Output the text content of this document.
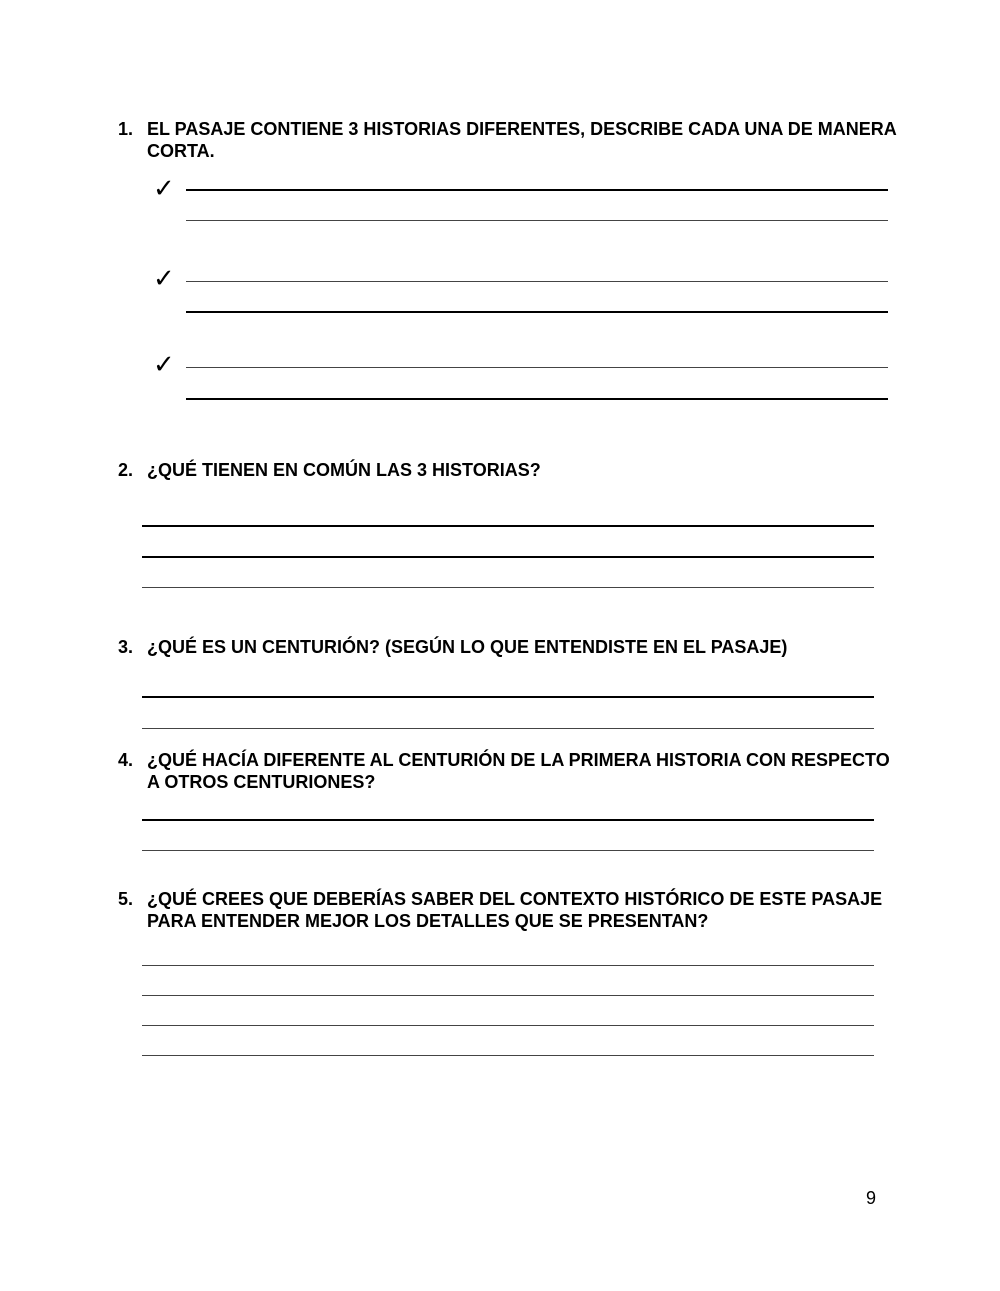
1. EL PASAJE CONTIENE 3 HISTORIAS DIFERENTES, DESCRIBE CADA UNA DE MANERA CORTA.
✓
✓
✓
2. ¿QUÉ TIENEN EN COMÚN LAS 3 HISTORIAS?
3. ¿QUÉ ES UN CENTURIÓN? (SEGÚN LO QUE ENTENDISTE EN EL PASAJE)
4. ¿QUÉ HACÍA DIFERENTE AL CENTURIÓN DE LA PRIMERA HISTORIA CON RESPECTO A OTROS CENTURIONES?
5. ¿QUÉ CREES QUE DEBERÍAS SABER DEL CONTEXTO HISTÓRICO DE ESTE PASAJE PARA ENTENDER MEJOR LOS DETALLES QUE SE PRESENTAN?
9
